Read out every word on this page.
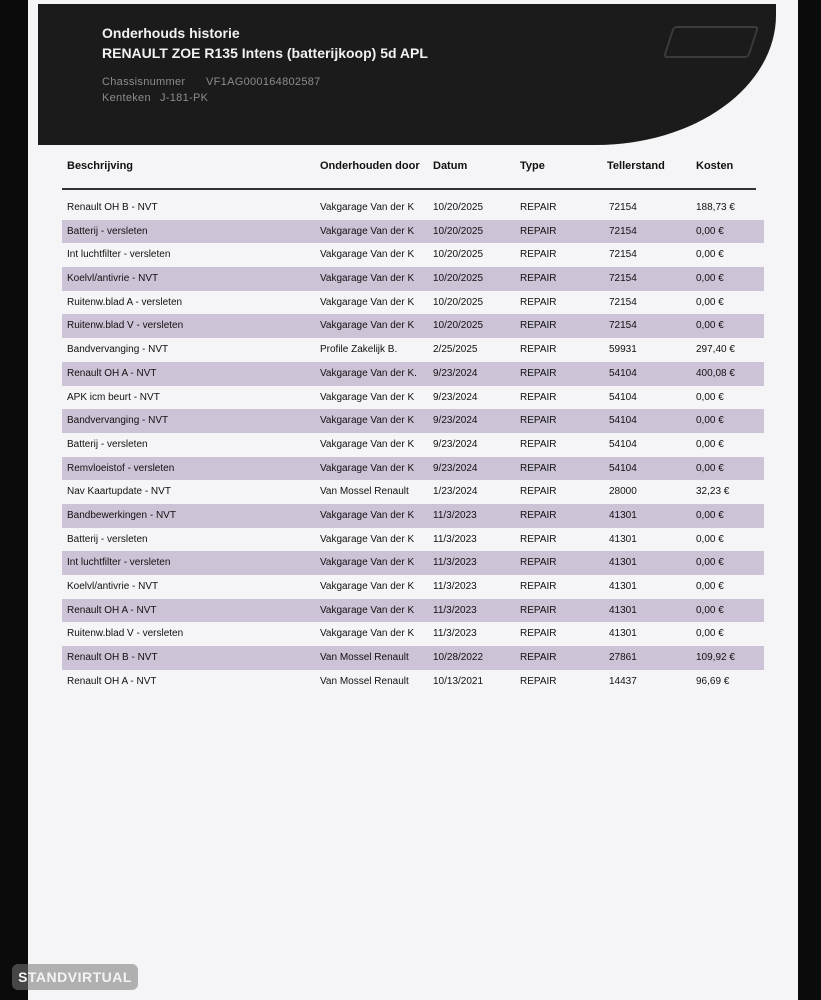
Onderhouds historie
RENAULT ZOE R135 Intens (batterijkoop) 5d APL
Chassisnummer VF1AG000164802587
Kenteken J-181-PK
Beschrijving	Onderhouden door Datum	Type	Tellerstand	Kosten
Renault OH B - NVT	Vakgarage Van der K 10/20/2025	REPAIR	72154	188,73 €
Batterij - versleten	Vakgarage Van der K 10/20/2025	REPAIR	72154	0,00 €
Int luchtfilter - versleten	Vakgarage Van der K 10/20/2025	REPAIR	72154	0,00 €
Koelvl/antivrie - NVT	Vakgarage Van der K 10/20/2025	REPAIR	72154	0,00 €
Ruitenw.blad A - versleten	Vakgarage Van der K 10/20/2025	REPAIR	72154	0,00 €
Ruitenw.blad V - versleten	Vakgarage Van der K 10/20/2025	REPAIR	72154	0,00 €
Bandvervanging - NVT	Profile Zakelijk B.	2/25/2025	REPAIR	59931	297,40 €
Renault OH A - NVT	Vakgarage Van der K. 9/23/2024	REPAIR	54104	400,08 €
APK icm beurt - NVT	Vakgarage Van der K 9/23/2024	REPAIR	54104	0,00 €
Bandvervanging - NVT	Vakgarage Van der K 9/23/2024	REPAIR	54104	0,00 €
Batterij - versleten	Vakgarage Van der K 9/23/2024	REPAIR	54104	0,00 €
Remvloeistof - versleten	Vakgarage Van der K 9/23/2024	REPAIR	54104	0,00 €
Nav Kaartupdate - NVT	Van Mossel Renault 1/23/2024	REPAIR	28000	32,23 €
Bandbewerkingen - NVT	Vakgarage Van der K 11/3/2023	REPAIR	41301	0,00 €
Batterij - versleten	Vakgarage Van der K 11/3/2023	REPAIR	41301	0,00 €
Int luchtfilter - versleten	Vakgarage Van der K 11/3/2023	REPAIR	41301	0,00 €
Koelvl/antivrie - NVT	Vakgarage Van der K 11/3/2023	REPAIR	41301	0,00 €
Renault OH A - NVT	Vakgarage Van der K 11/3/2023	REPAIR	41301	0,00 €
Ruitenw.blad V - versleten	Vakgarage Van der K 11/3/2023	REPAIR	41301	0,00 €
Renault OH B - NVT	Van Mossel Renault 10/28/2022	REPAIR	27861	109,92 €
Renault OH A - NVT	Van Mossel Renault 10/13/2021	REPAIR	14437	96,69 €
STANDVIRTUAL
